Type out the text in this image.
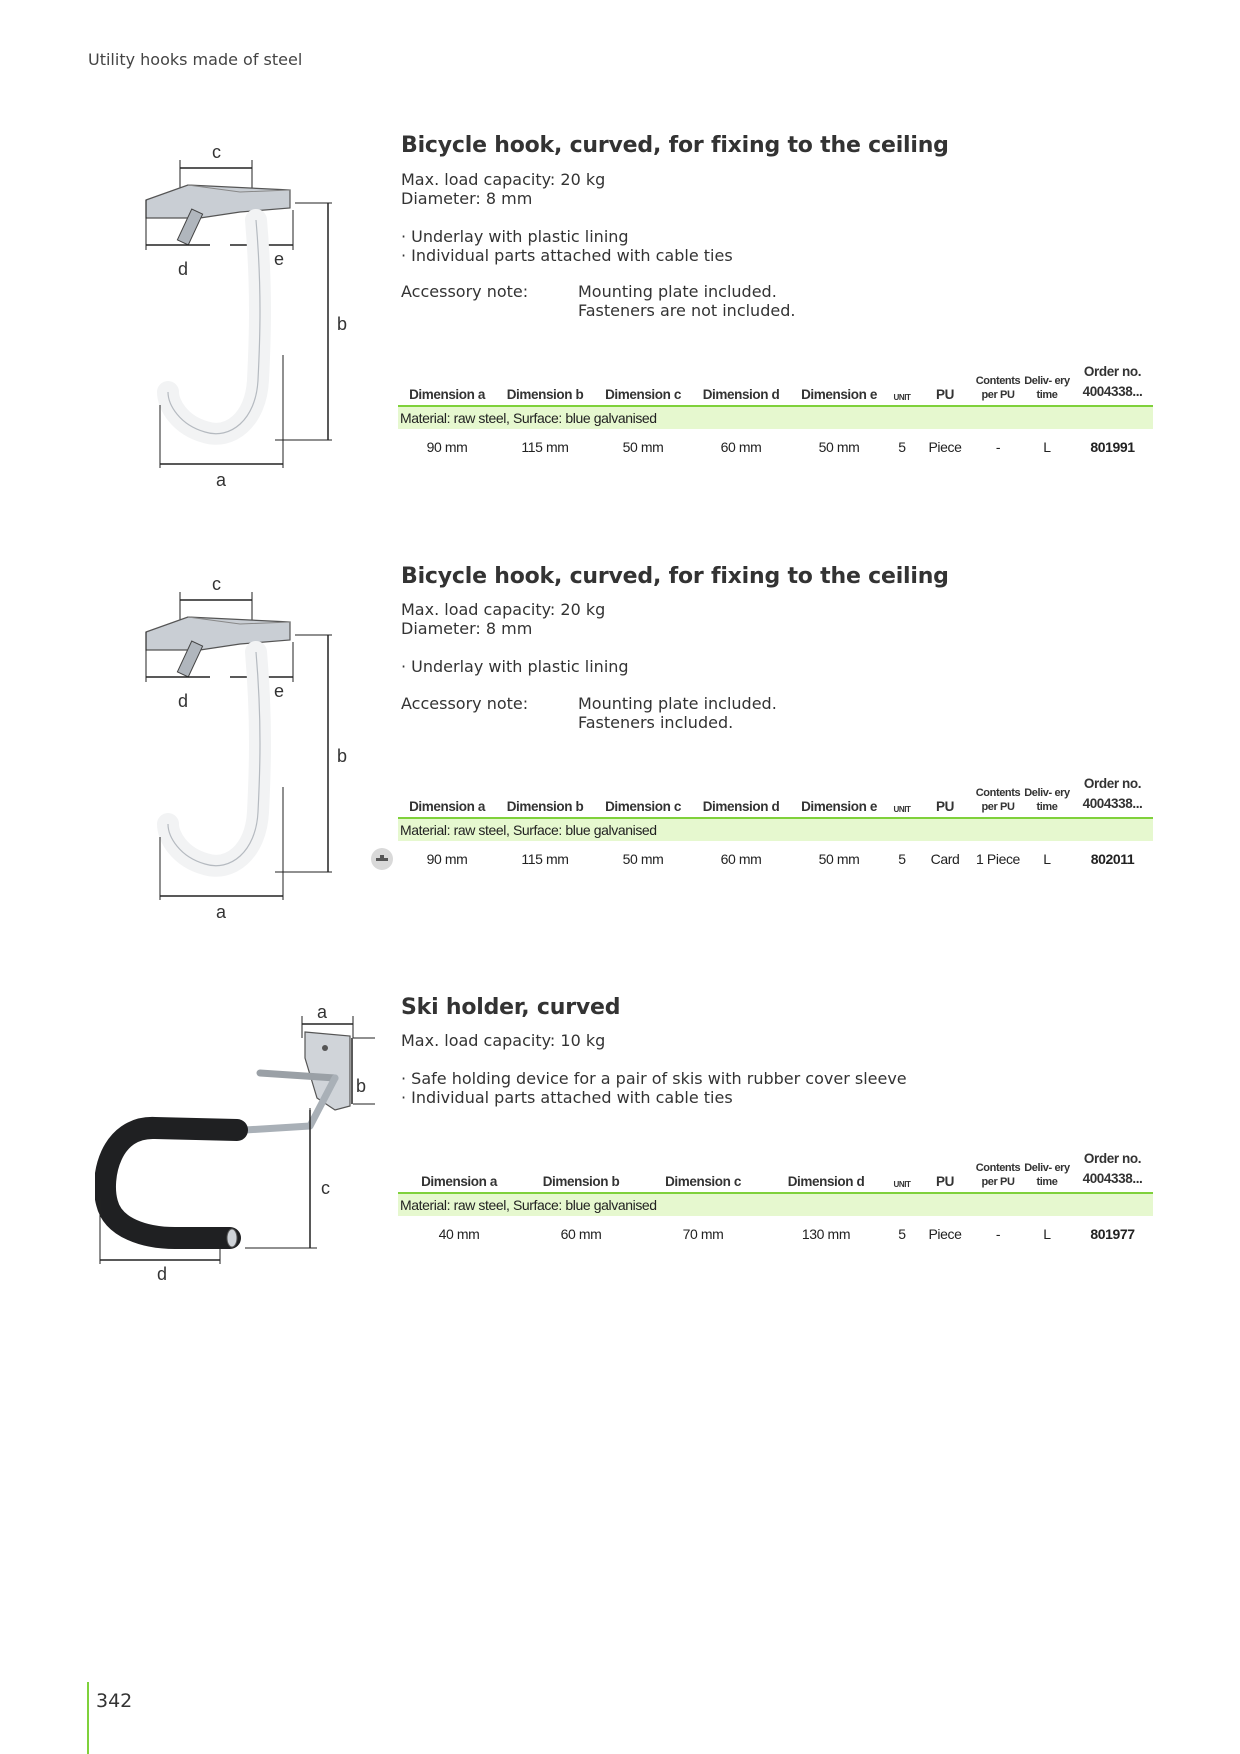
Utility hooks made of steel
c
d	e
b
a
Bicycle hook, curved, for fixing to the ceiling

Max. load capacity: 20 kg

Diameter: 8 mm

· Underlay with plastic lining
· Individual parts attached with cable ties
Accessory note:	Mounting plate included.
Fasteners are not included.
Dimension a	Dimension b	Dimension c	Dimension d	Dimension e	UNIT	PU	Contents per PU	Deliv- ery time	Order no. 4004338...
Material: raw steel, Surface: blue galvanised									
90 mm	115 mm	50 mm	60 mm	50 mm	5	Piece	-	L	801991
c
d	e
b
a
Bicycle hook, curved, for fixing to the ceiling

Max. load capacity: 20 kg

Diameter: 8 mm

· Underlay with plastic lining
Accessory note:	Mounting plate included.
Fasteners included.
Dimension a	Dimension b	Dimension c	Dimension d	Dimension e	UNIT	PU	Contents per PU	Deliv- ery time	Order no. 4004338...
Material: raw steel, Surface: blue galvanised									
90 mm	115 mm	50 mm	60 mm	50 mm	5	Card	1 Piece	L	802011
a
b
c
d
Ski holder, curved

Max. load capacity: 10 kg

· Safe holding device for a pair of skis with rubber cover sleeve
· Individual parts attached with cable ties
Dimension a	Dimension b	Dimension c	Dimension d	UNIT	PU	Contents per PU	Deliv- ery time	Order no. 4004338...
Material: raw steel, Surface: blue galvanised								
40 mm	60 mm	70 mm	130 mm	5	Piece	-	L	801977
342
